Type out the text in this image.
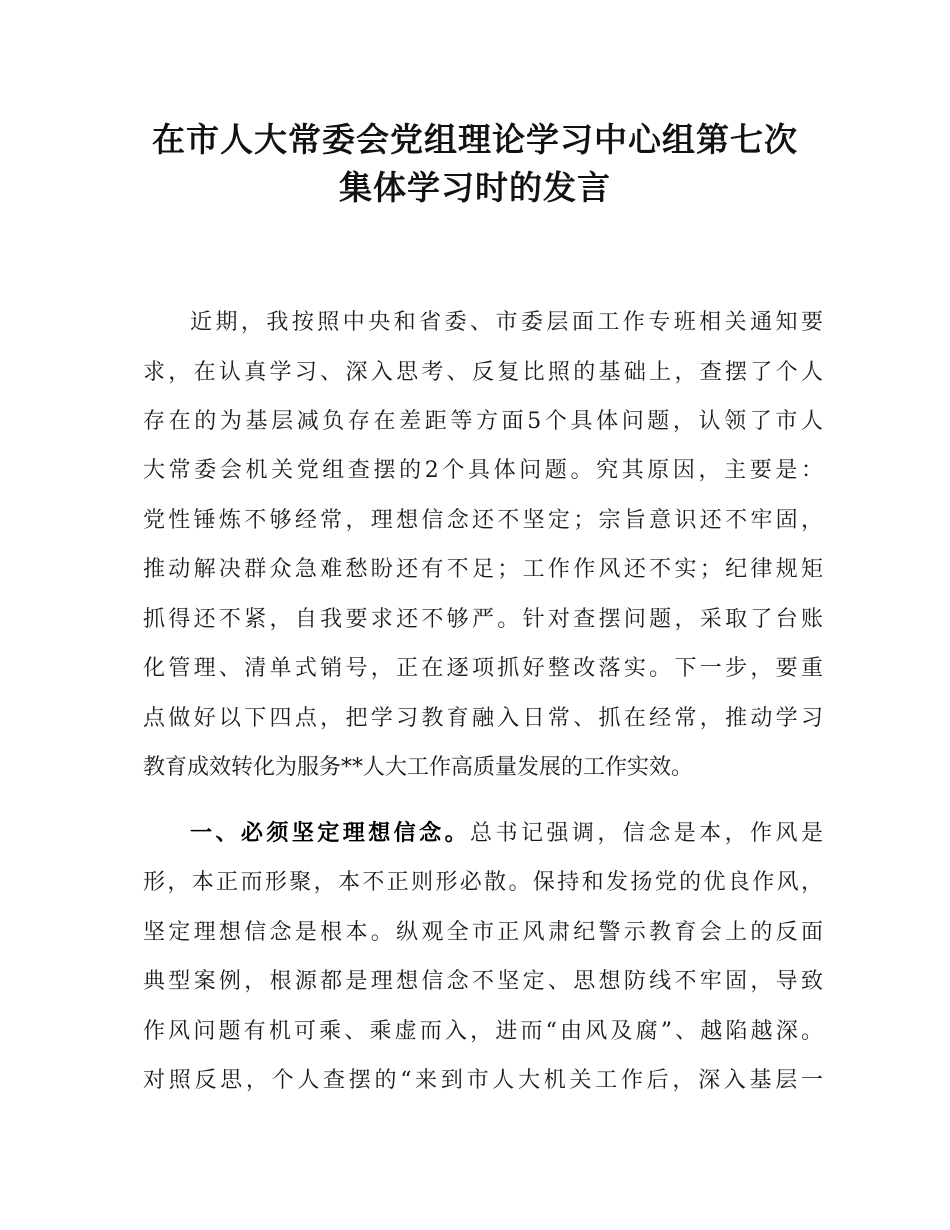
在市人大常委会党组理论学习中心组第七次
集体学习时的发言
近期，我按照中央和省委、市委层面工作专班相关通知要
求，在认真学习、深入思考、反复比照的基础上，查摆了个人
存在的为基层减负存在差距等方面5个具体问题，认领了市人
大常委会机关党组查摆的2个具体问题。究其原因，主要是：
党性锤炼不够经常，理想信念还不坚定；宗旨意识还不牢固，
推动解决群众急难愁盼还有不足；工作作风还不实；纪律规矩
抓得还不紧，自我要求还不够严。针对查摆问题，采取了台账
化管理、清单式销号，正在逐项抓好整改落实。下一步，要重
点做好以下四点，把学习教育融入日常、抓在经常，推动学习
教育成效转化为服务**人大工作高质量发展的工作实效。
一、必须坚定理想信念。总书记强调，信念是本，作风是
形，本正而形聚，本不正则形必散。保持和发扬党的优良作风，
坚定理想信念是根本。纵观全市正风肃纪警示教育会上的反面
典型案例，根源都是理想信念不坚定、思想防线不牢固，导致
作风问题有机可乘、乘虚而入，进而“由风及腐”、越陷越深。
对照反思，个人查摆的“来到市人大机关工作后，深入基层一
